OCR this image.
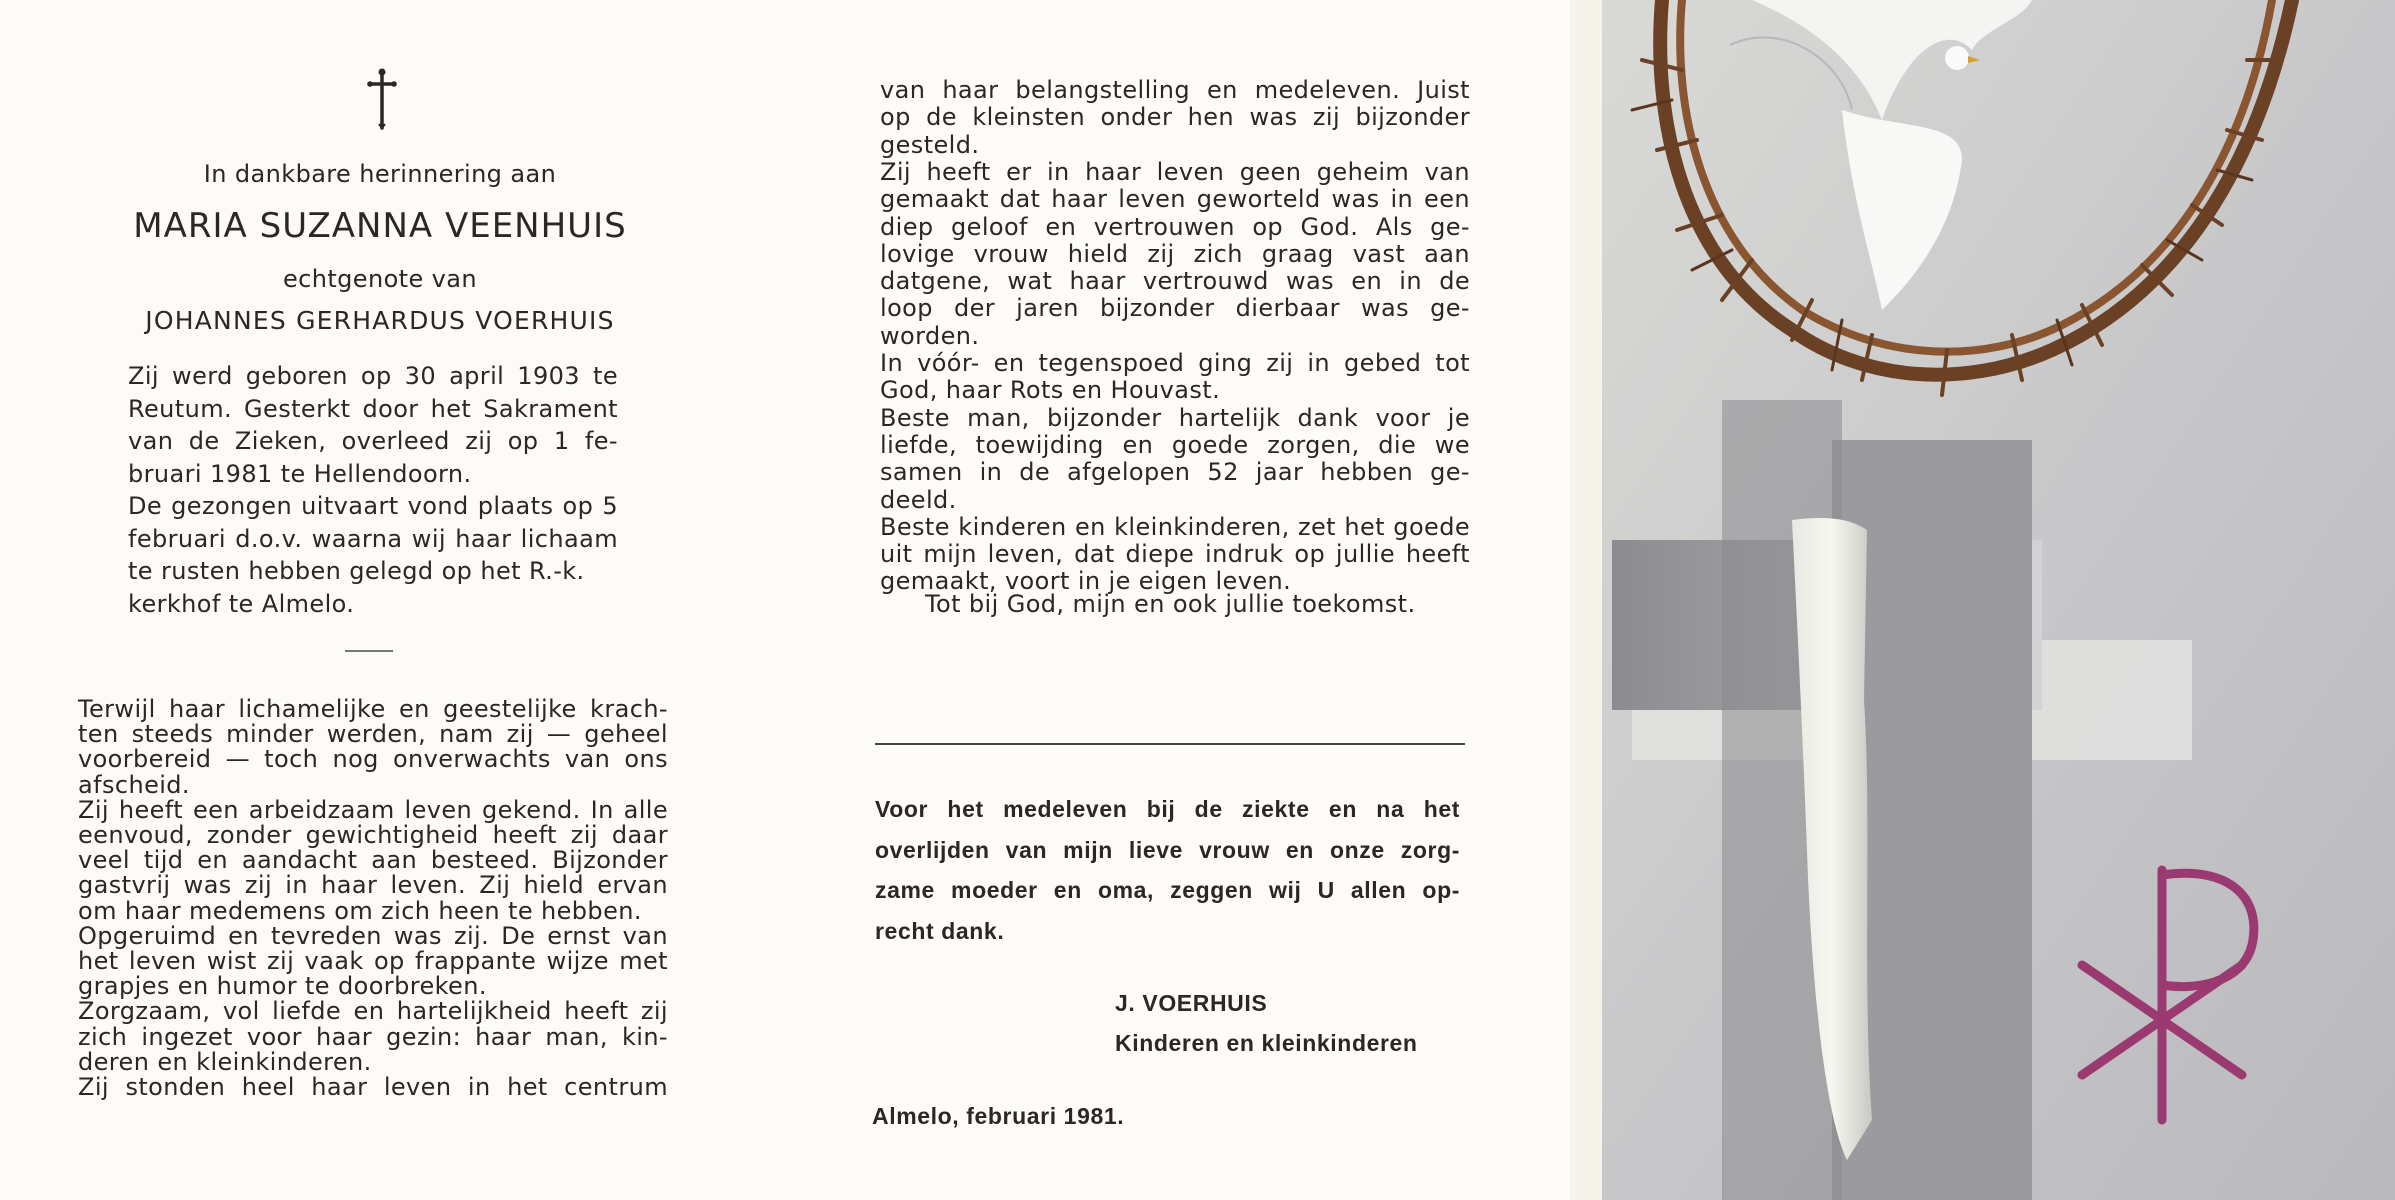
In dankbare herinnering aan
MARIA SUZANNA VEENHUIS
echtgenote van
JOHANNES GERHARDUS VOERHUIS
Zij werd geboren op 30 april 1903 te
Reutum. Gesterkt door het Sakrament
van de Zieken, overleed zij op 1 fe-
bruari 1981 te Hellendoorn.
De gezongen uitvaart vond plaats op 5
februari d.o.v. waarna wij haar lichaam
te rusten hebben gelegd op het R.-k.
kerkhof te Almelo.
Terwijl haar lichamelijke en geestelijke krach-
ten steeds minder werden, nam zij — geheel
voorbereid — toch nog onverwachts van ons
afscheid.
Zij heeft een arbeidzaam leven gekend. In alle
eenvoud, zonder gewichtigheid heeft zij daar
veel tijd en aandacht aan besteed. Bijzonder
gastvrij was zij in haar leven. Zij hield ervan
om haar medemens om zich heen te hebben.
Opgeruimd en tevreden was zij. De ernst van
het leven wist zij vaak op frappante wijze met
grapjes en humor te doorbreken.
Zorgzaam, vol liefde en hartelijkheid heeft zij
zich ingezet voor haar gezin: haar man, kin-
deren en kleinkinderen.
Zij stonden heel haar leven in het centrum
van haar belangstelling en medeleven. Juist
op de kleinsten onder hen was zij bijzonder
gesteld.
Zij heeft er in haar leven geen geheim van
gemaakt dat haar leven geworteld was in een
diep geloof en vertrouwen op God. Als ge-
lovige vrouw hield zij zich graag vast aan
datgene, wat haar vertrouwd was en in de
loop der jaren bijzonder dierbaar was ge-
worden.
In vóór- en tegenspoed ging zij in gebed tot
God, haar Rots en Houvast.
Beste man, bijzonder hartelijk dank voor je
liefde, toewijding en goede zorgen, die we
samen in de afgelopen 52 jaar hebben ge-
deeld.
Beste kinderen en kleinkinderen, zet het goede
uit mijn leven, dat diepe indruk op jullie heeft
gemaakt, voort in je eigen leven.
Tot bij God, mijn en ook jullie toekomst.
Voor het medeleven bij de ziekte en na het
overlijden van mijn lieve vrouw en onze zorg-
zame moeder en oma, zeggen wij U allen op-
recht dank.
J. VOERHUIS
Kinderen en kleinkinderen
Almelo, februari 1981.
